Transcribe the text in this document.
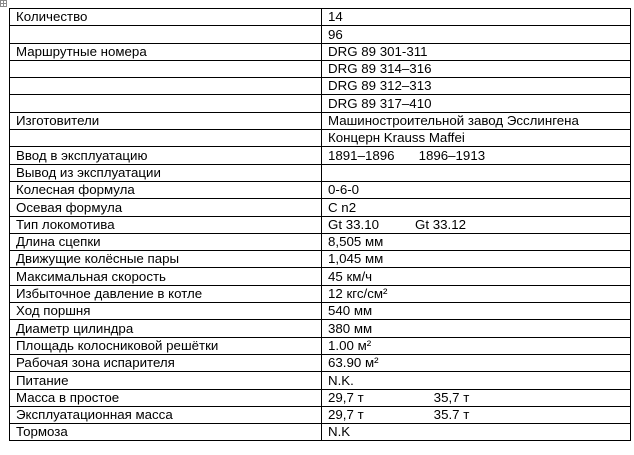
Количество	14
	96
Маршрутные номера	DRG 89 301-311
	DRG 89 314–316
	DRG 89 312–313
	DRG 89 317–410
Изготовители	Машиностроительной завод Эсслингена
	Концерн Krauss Maffei
Ввод в эксплуатацию	1891–1896 1896–1913
Вывод из эксплуатации	
Колесная формула	0-6-0
Осевая формула	C n2
Тип локомотива	Gt 33.10 Gt 33.12
Длина сцепки	8,505 мм
Движущие колёсные пары	1,045 мм
Максимальная скорость	45 км/ч
Избыточное давление в котле	12 кгс/см²
Ход поршня	540 мм
Диаметр цилиндра	380 мм
Площадь колосниковой решётки	1.00 м²
Рабочая зона испарителя	63.90 м²
Питание	N.K.
Масса в простое	29,7 т 35,7 т
Эксплуатационная масса	29,7 т 35.7 т
Тормоза	N.K
